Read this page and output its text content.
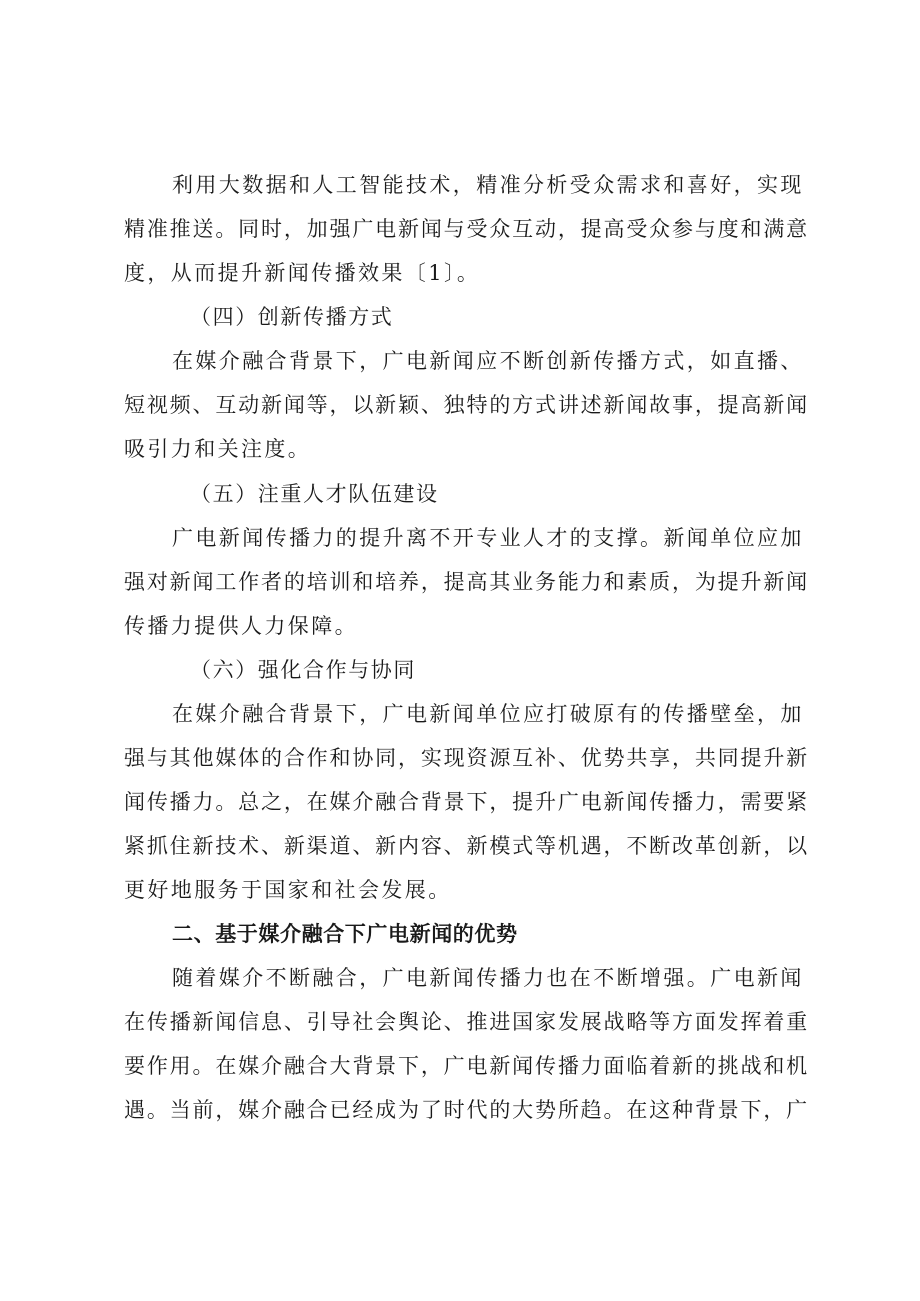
利用大数据和人工智能技术，精准分析受众需求和喜好，实现
精准推送。同时，加强广电新闻与受众互动，提高受众参与度和满意
度，从而提升新闻传播效果〔1〕。
（四）创新传播方式
在媒介融合背景下，广电新闻应不断创新传播方式，如直播、
短视频、互动新闻等，以新颖、独特的方式讲述新闻故事，提高新闻
吸引力和关注度。
（五）注重人才队伍建设
广电新闻传播力的提升离不开专业人才的支撑。新闻单位应加
强对新闻工作者的培训和培养，提高其业务能力和素质，为提升新闻
传播力提供人力保障。
（六）强化合作与协同
在媒介融合背景下，广电新闻单位应打破原有的传播壁垒，加
强与其他媒体的合作和协同，实现资源互补、优势共享，共同提升新
闻传播力。总之，在媒介融合背景下，提升广电新闻传播力，需要紧
紧抓住新技术、新渠道、新内容、新模式等机遇，不断改革创新，以
更好地服务于国家和社会发展。
二、基于媒介融合下广电新闻的优势
随着媒介不断融合，广电新闻传播力也在不断增强。广电新闻
在传播新闻信息、引导社会舆论、推进国家发展战略等方面发挥着重
要作用。在媒介融合大背景下，广电新闻传播力面临着新的挑战和机
遇。当前，媒介融合已经成为了时代的大势所趋。在这种背景下，广
